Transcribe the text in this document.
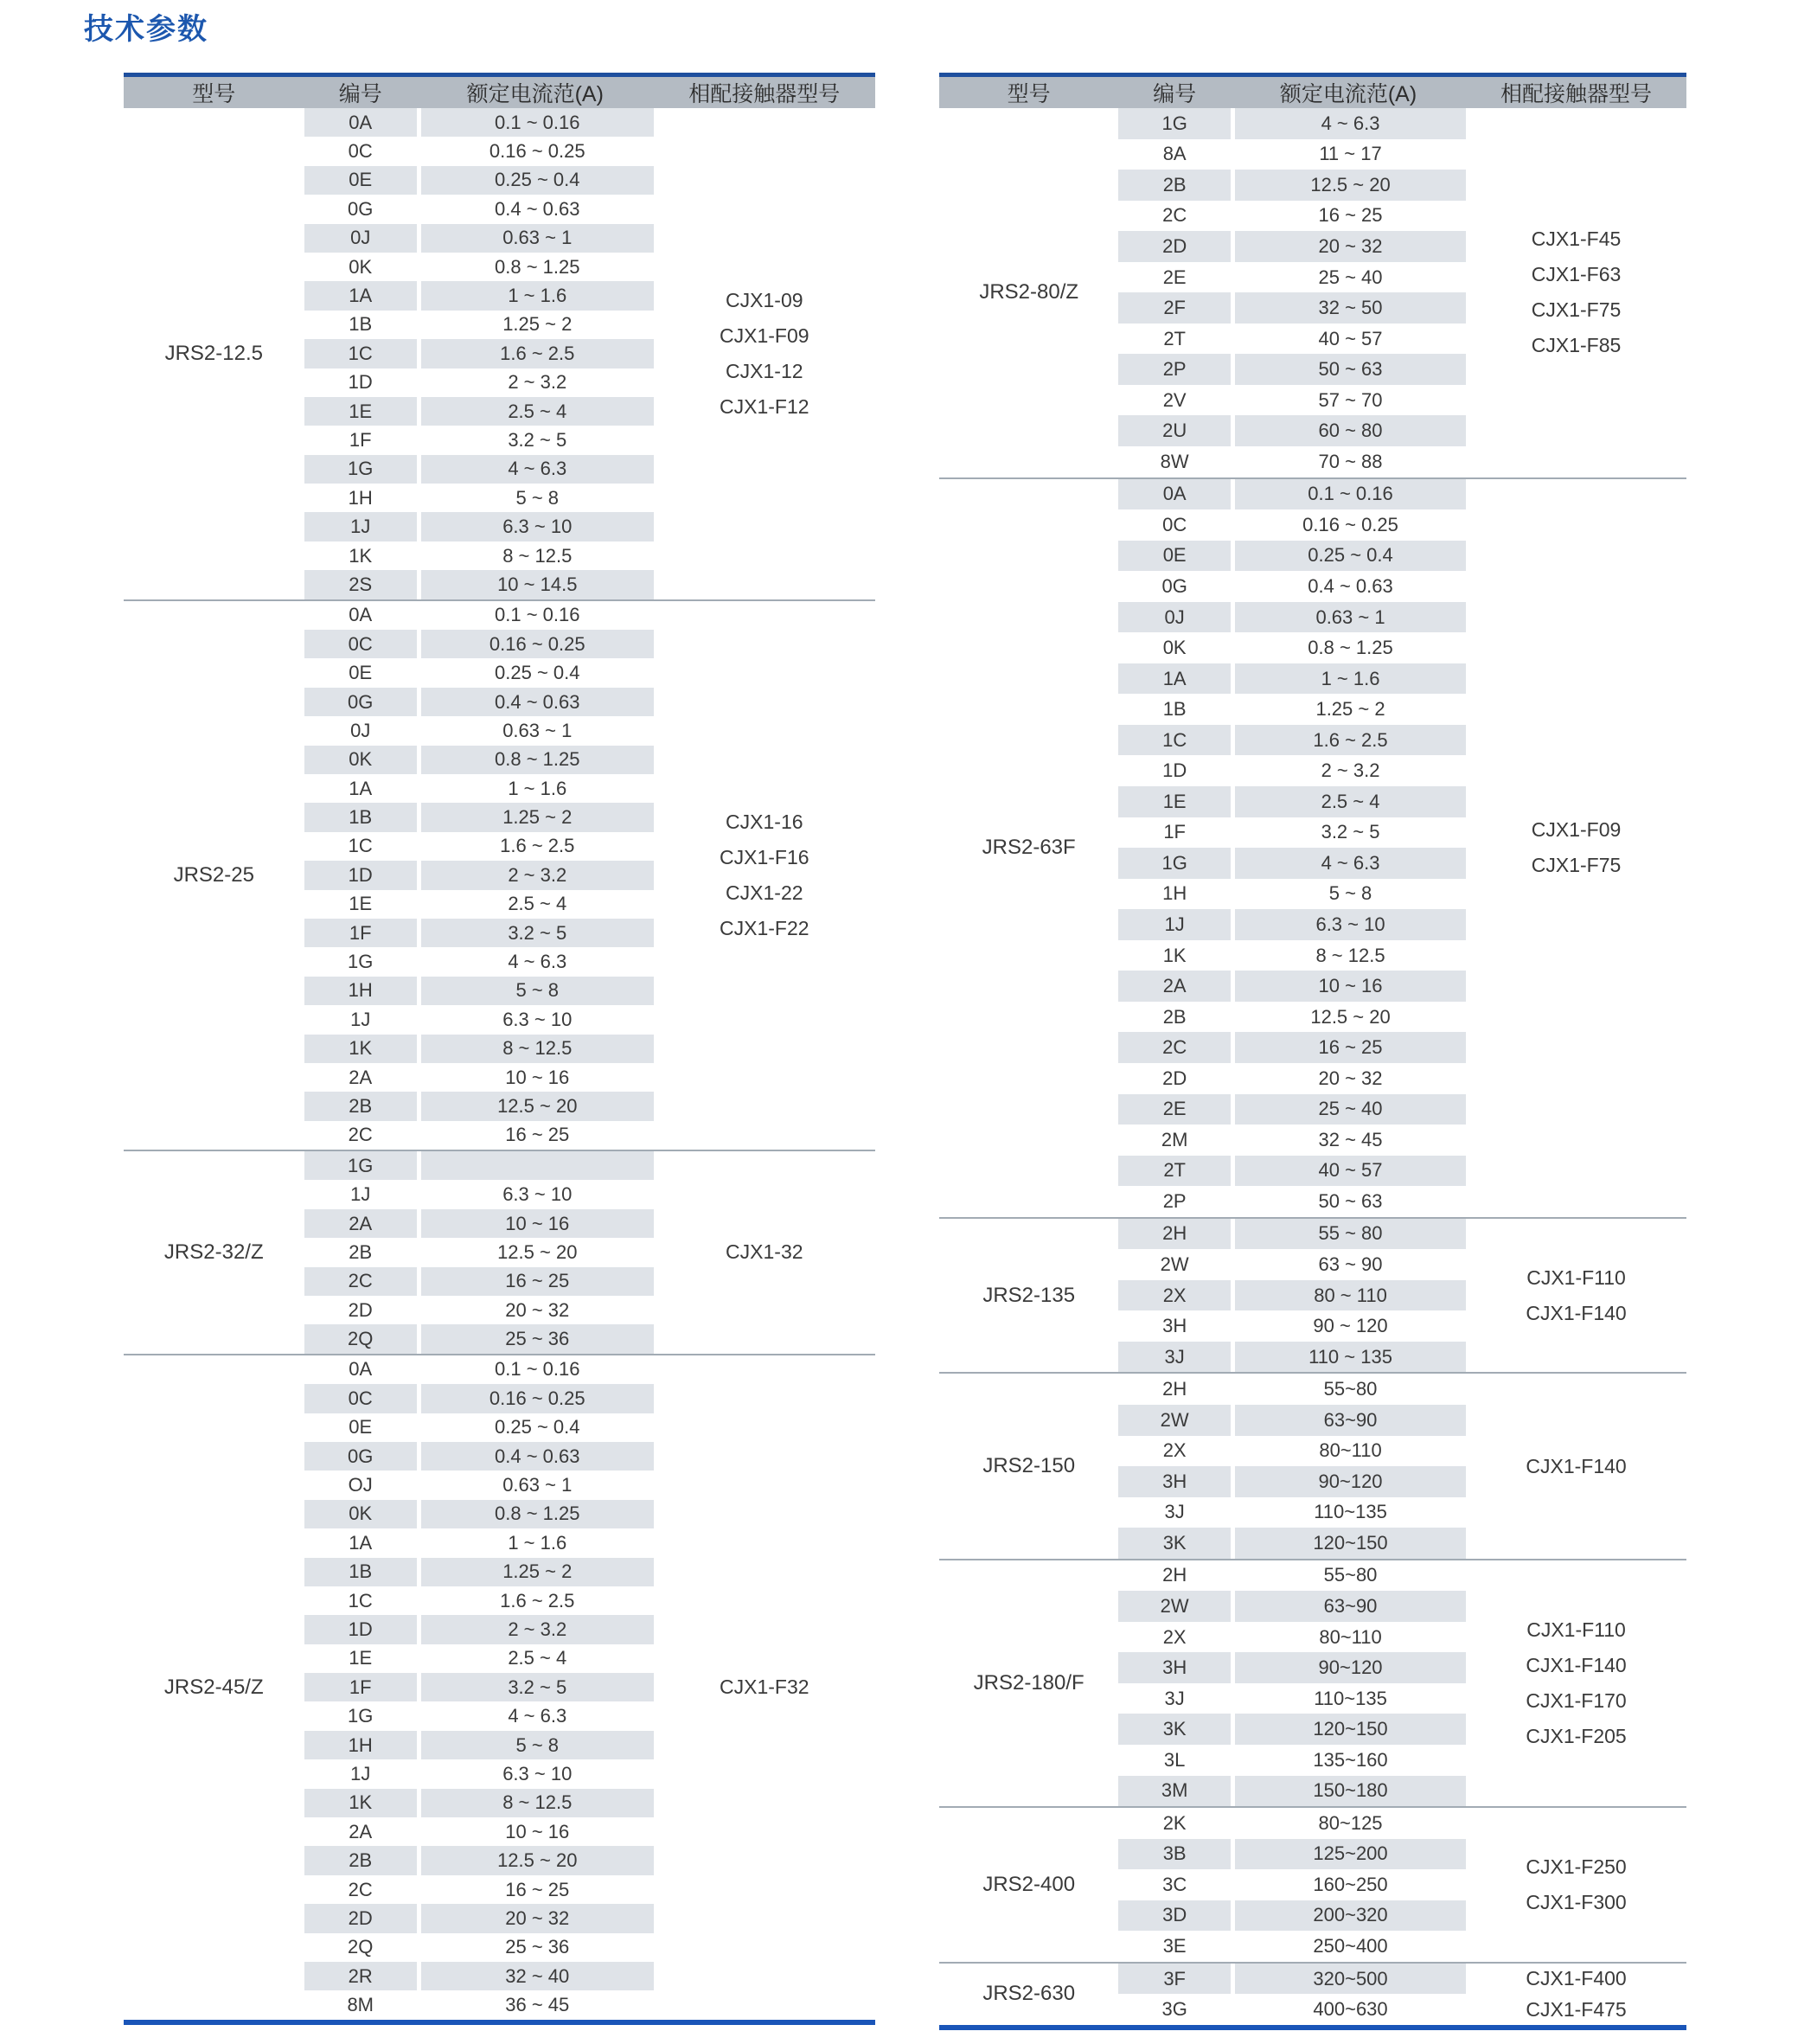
技术参数
型号	编号	额定电流范(A)	相配接触器型号
JRS2-12.5
0A	0.1 ~ 0.16
0C	0.16 ~ 0.25
0E	0.25 ~ 0.4
0G	0.4 ~ 0.63
0J	0.63 ~ 1
0K	0.8 ~ 1.25
1A	1 ~ 1.6
1B	1.25 ~ 2
1C	1.6 ~ 2.5
1D	2 ~ 3.2
1E	2.5 ~ 4
1F	3.2 ~ 5
1G	4 ~ 6.3
1H	5 ~ 8
1J	6.3 ~ 10
1K	8 ~ 12.5
2S	10 ~ 14.5
CJX1-09
CJX1-F09
CJX1-12
CJX1-F12
JRS2-25
0A	0.1 ~ 0.16
0C	0.16 ~ 0.25
0E	0.25 ~ 0.4
0G	0.4 ~ 0.63
0J	0.63 ~ 1
0K	0.8 ~ 1.25
1A	1 ~ 1.6
1B	1.25 ~ 2
1C	1.6 ~ 2.5
1D	2 ~ 3.2
1E	2.5 ~ 4
1F	3.2 ~ 5
1G	4 ~ 6.3
1H	5 ~ 8
1J	6.3 ~ 10
1K	8 ~ 12.5
2A	10 ~ 16
2B	12.5 ~ 20
2C	16 ~ 25
CJX1-16
CJX1-F16
CJX1-22
CJX1-F22
JRS2-32/Z
1G
1J	6.3 ~ 10
2A	10 ~ 16
2B	12.5 ~ 20
2C	16 ~ 25
2D	20 ~ 32
2Q	25 ~ 36
CJX1-32
JRS2-45/Z
0A	0.1 ~ 0.16
0C	0.16 ~ 0.25
0E	0.25 ~ 0.4
0G	0.4 ~ 0.63
OJ	0.63 ~ 1
0K	0.8 ~ 1.25
1A	1 ~ 1.6
1B	1.25 ~ 2
1C	1.6 ~ 2.5
1D	2 ~ 3.2
1E	2.5 ~ 4
1F	3.2 ~ 5
1G	4 ~ 6.3
1H	5 ~ 8
1J	6.3 ~ 10
1K	8 ~ 12.5
2A	10 ~ 16
2B	12.5 ~ 20
2C	16 ~ 25
2D	20 ~ 32
2Q	25 ~ 36
2R	32 ~ 40
8M	36 ~ 45
CJX1-F32
型号	编号	额定电流范(A)	相配接触器型号
JRS2-80/Z
1G	4 ~ 6.3
8A	11 ~ 17
2B	12.5 ~ 20
2C	16 ~ 25
2D	20 ~ 32
2E	25 ~ 40
2F	32 ~ 50
2T	40 ~ 57
2P	50 ~ 63
2V	57 ~ 70
2U	60 ~ 80
8W	70 ~ 88
CJX1-F45
CJX1-F63
CJX1-F75
CJX1-F85
JRS2-63F
0A	0.1 ~ 0.16
0C	0.16 ~ 0.25
0E	0.25 ~ 0.4
0G	0.4 ~ 0.63
0J	0.63 ~ 1
0K	0.8 ~ 1.25
1A	1 ~ 1.6
1B	1.25 ~ 2
1C	1.6 ~ 2.5
1D	2 ~ 3.2
1E	2.5 ~ 4
1F	3.2 ~ 5
1G	4 ~ 6.3
1H	5 ~ 8
1J	6.3 ~ 10
1K	8 ~ 12.5
2A	10 ~ 16
2B	12.5 ~ 20
2C	16 ~ 25
2D	20 ~ 32
2E	25 ~ 40
2M	32 ~ 45
2T	40 ~ 57
2P	50 ~ 63
CJX1-F09
CJX1-F75
JRS2-135
2H	55 ~ 80
2W	63 ~ 90
2X	80 ~ 110
3H	90 ~ 120
3J	110 ~ 135
CJX1-F110
CJX1-F140
JRS2-150
2H	55~80
2W	63~90
2X	80~110
3H	90~120
3J	110~135
3K	120~150
CJX1-F140
JRS2-180/F
2H	55~80
2W	63~90
2X	80~110
3H	90~120
3J	110~135
3K	120~150
3L	135~160
3M	150~180
CJX1-F110
CJX1-F140
CJX1-F170
CJX1-F205
JRS2-400
2K	80~125
3B	125~200
3C	160~250
3D	200~320
3E	250~400
CJX1-F250
CJX1-F300
JRS2-630
3F	320~500
3G	400~630
CJX1-F400
CJX1-F475
